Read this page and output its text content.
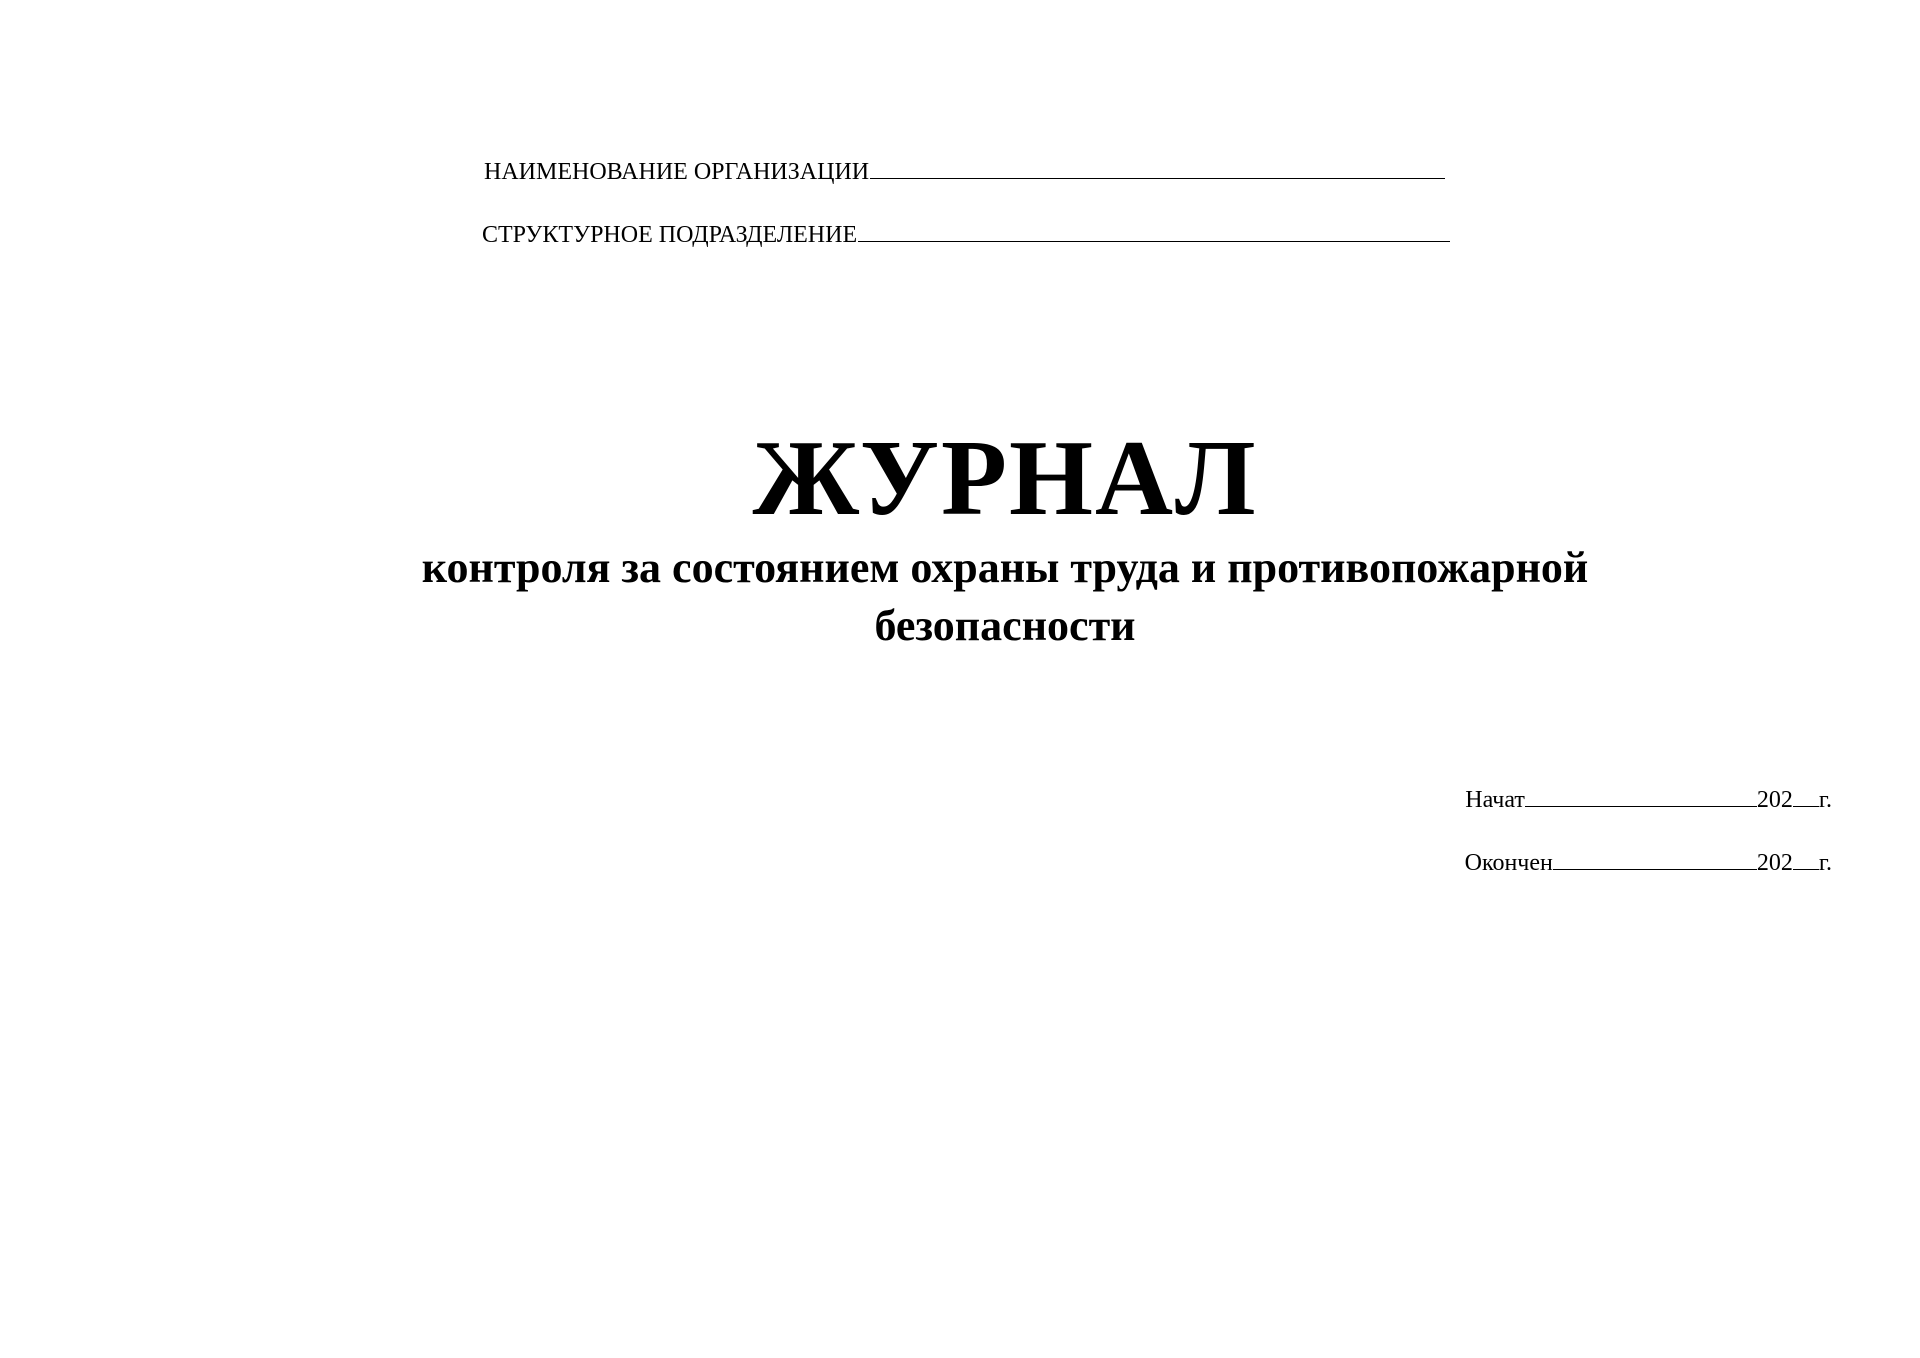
НАИМЕНОВАНИЕ ОРГАНИЗАЦИИ
СТРУКТУРНОЕ ПОДРАЗДЕЛЕНИЕ
ЖУРНАЛ
контроля за состоянием охраны труда и противопожарной
безопасности
Начат	202 г.
Окончен	202 г.
